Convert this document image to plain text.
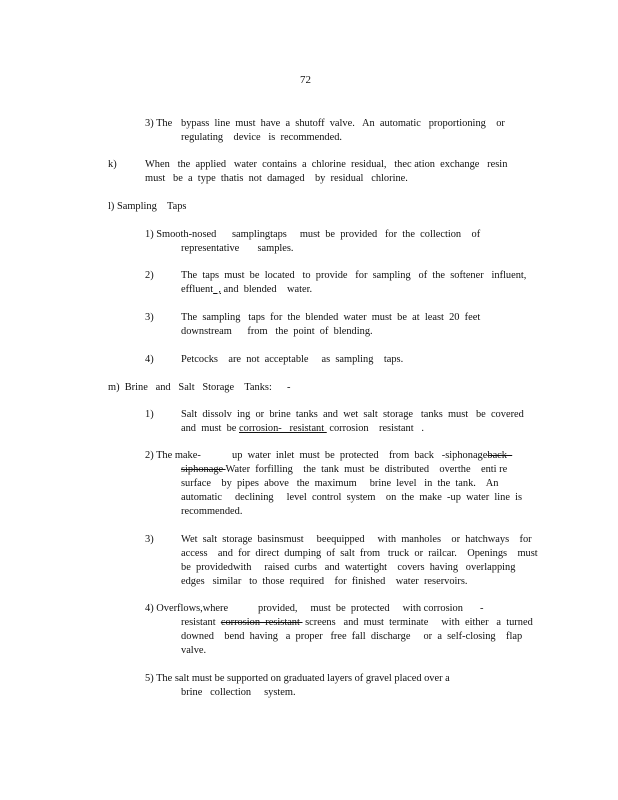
72
3) The bypass  line  must  have  a  shutoff  valve.   An  automatic   proportioning    or
regulating    device   is  recommended.
k)	When   the  applied   water  contains  a  chlorine  residual,   thec ation  exchange   resin
must   be  a  type  thatis  not  damaged    by  residual   chlorine.
l) Sampling    Taps
1) Smooth-nosed samplingtaps     must  be  provided   for  the  collection    of
representative       samples.
2)	The  taps  must  be  located   to  provide   for  sampling   of  the  softener   influent,
effluent  , and  blended    water.
3)	The  sampling   taps  for  the  blended  water  must  be  at  least  20  feet
downstream      from   the  point  of  blending.
4)	Petcocks    are  not  acceptable     as  sampling    taps.
m)  Brine   and   Salt   Storage    Tanks: -
1)	Salt  dissolv  ing  or  brine  tanks  and  wet  salt  storage   tanks  must   be  covered
and  must  be corrosion-   resistant  corrosion    resistant   .
2) The make-	up  water  inlet  must  be  protected    from  back   -siphonageback
siphonage Water  forfilling    the  tank  must  be  distributed    overthe    enti re
surface    by  pipes  above   the  maximum     brine  level   in  the  tank.    An
automatic     declining     level  control  system    on  the  make  -up  water  line  is
recommended.
3)	Wet  salt  storage  basinsmust     beequipped     with  manholes    or  hatchways    for
access    and  for  direct  dumping  of  salt  from   truck  or  railcar.    Openings    must
be  providedwith     raised  curbs   and  watertight    covers  having   overlapping
edges   similar   to  those  required    for  finished    water  reservoirs.
4) Overflows,where	provided,     must  be  protected     with corrosion -
resistant  corrosion  resistant  screens   and  must  terminate     with  either   a  turned
downed    bend  having   a  proper   free  fall  discharge     or  a  self-closing    flap
valve.
5) The salt must be supported on graduated layers of gravel placed over a
brine   collection     system.
